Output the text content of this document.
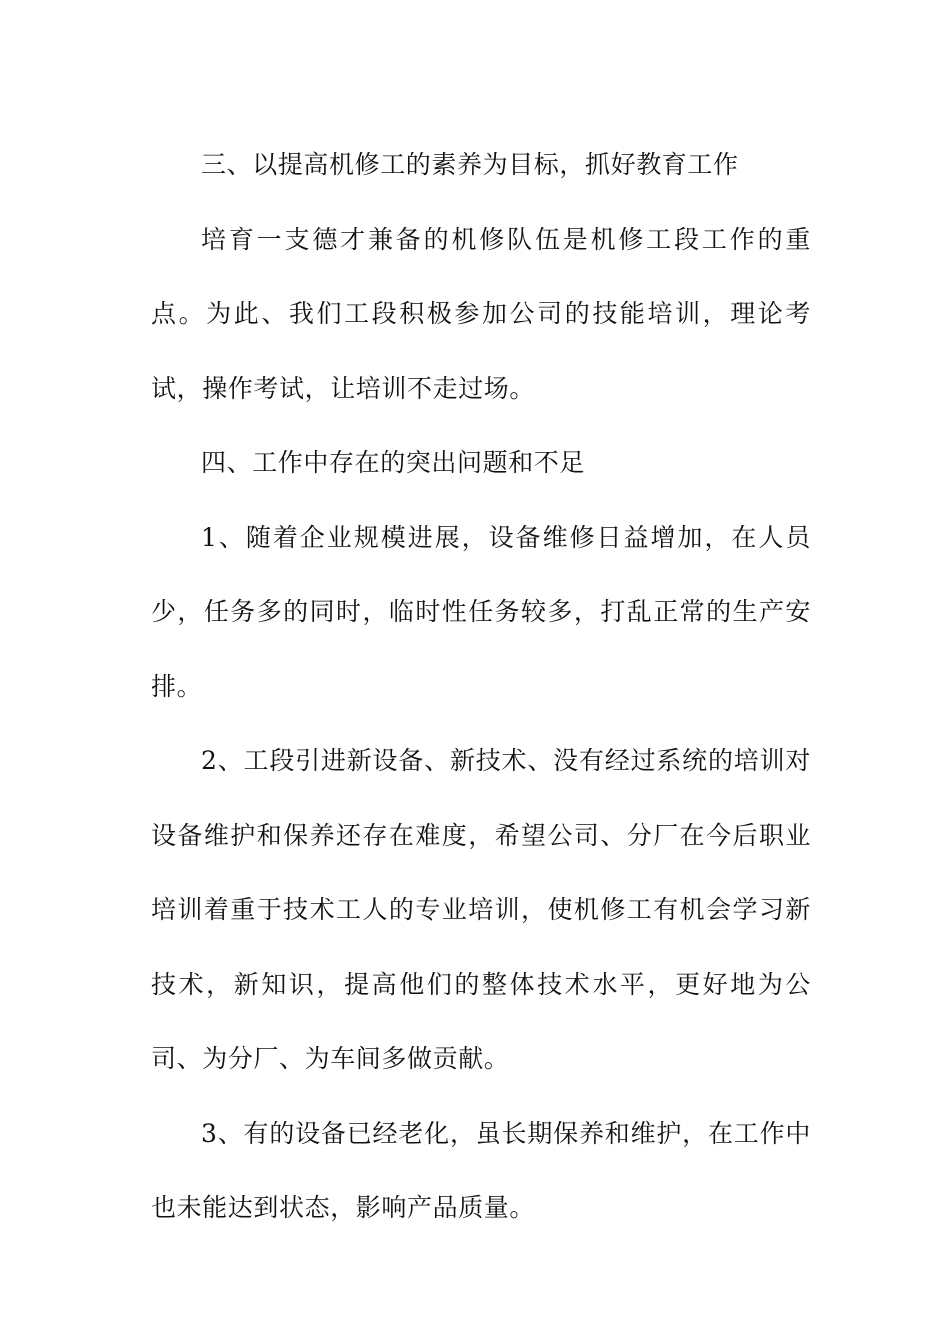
三、以提高机修工的素养为目标，抓好教育工作

培育一支德才兼备的机修队伍是机修工段工作的重点。为此、我们工段积极参加公司的技能培训，理论考试，操作考试，让培训不走过场。

四、工作中存在的突出问题和不足

1、随着企业规模进展，设备维修日益增加，在人员少，任务多的同时，临时性任务较多，打乱正常的生产安排。

2、工段引进新设备、新技术、没有经过系统的培训对设备维护和保养还存在难度，希望公司、分厂在今后职业培训着重于技术工人的专业培训，使机修工有机会学习新技术，新知识，提高他们的整体技术水平，更好地为公司、为分厂、为车间多做贡献。

3、有的设备已经老化，虽长期保养和维护，在工作中也未能达到状态，影响产品质量。
